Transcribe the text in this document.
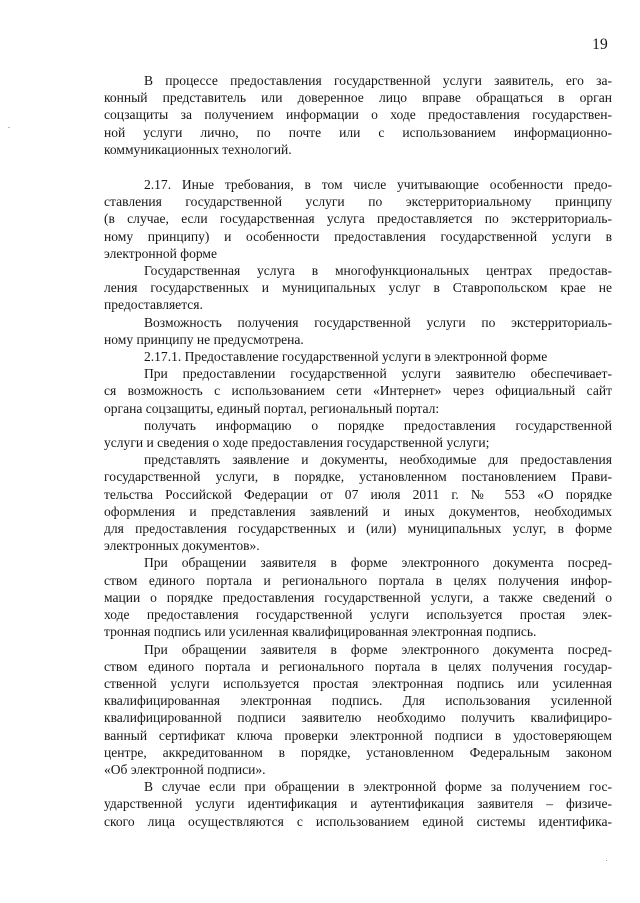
19

В процессе предоставления государственной услуги заявитель, его за-
конный представитель или доверенное лицо вправе обращаться в орган
соцзащиты за получением информации о ходе предоставления государствен-
ной услуги лично, по почте или с использованием информационно-
коммуникационных технологий.

2.17. Иные требования, в том числе учитывающие особенности предо-
ставления государственной услуги по экстерриториальному принципу
(в случае, если государственная услуга предоставляется по экстерриториаль-
ному принципу) и особенности предоставления государственной услуги в
электронной форме

Государственная услуга в многофункциональных центрах предостав-
ления государственных и муниципальных услуг в Ставропольском крае не
предоставляется.

Возможность получения государственной услуги по экстерриториаль-
ному принципу не предусмотрена.

2.17.1. Предоставление государственной услуги в электронной форме

При предоставлении государственной услуги заявителю обеспечивает-
ся возможность с использованием сети «Интернет» через официальный сайт
органа соцзащиты, единый портал, региональный портал:

получать информацию о порядке предоставления государственной
услуги и сведения о ходе предоставления государственной услуги;

представлять заявление и документы, необходимые для предоставления
государственной услуги, в порядке, установленном постановлением Прави-
тельства Российской Федерации от 07 июля 2011 г. № 553 «О порядке
оформления и представления заявлений и иных документов, необходимых
для предоставления государственных и (или) муниципальных услуг, в форме
электронных документов».

При обращении заявителя в форме электронного документа посред-
ством единого портала и регионального портала в целях получения инфор-
мации о порядке предоставления государственной услуги, а также сведений о
ходе предоставления государственной услуги используется простая элек-
тронная подпись или усиленная квалифицированная электронная подпись.

При обращении заявителя в форме электронного документа посред-
ством единого портала и регионального портала в целях получения государ-
ственной услуги используется простая электронная подпись или усиленная
квалифицированная электронная подпись. Для использования усиленной
квалифицированной подписи заявителю необходимо получить квалифициро-
ванный сертификат ключа проверки электронной подписи в удостоверяющем
центре, аккредитованном в порядке, установленном Федеральным законом
«Об электронной подписи».

В случае если при обращении в электронной форме за получением гос-
ударственной услуги идентификация и аутентификация заявителя – физиче-
ского лица осуществляются с использованием единой системы идентифика-
